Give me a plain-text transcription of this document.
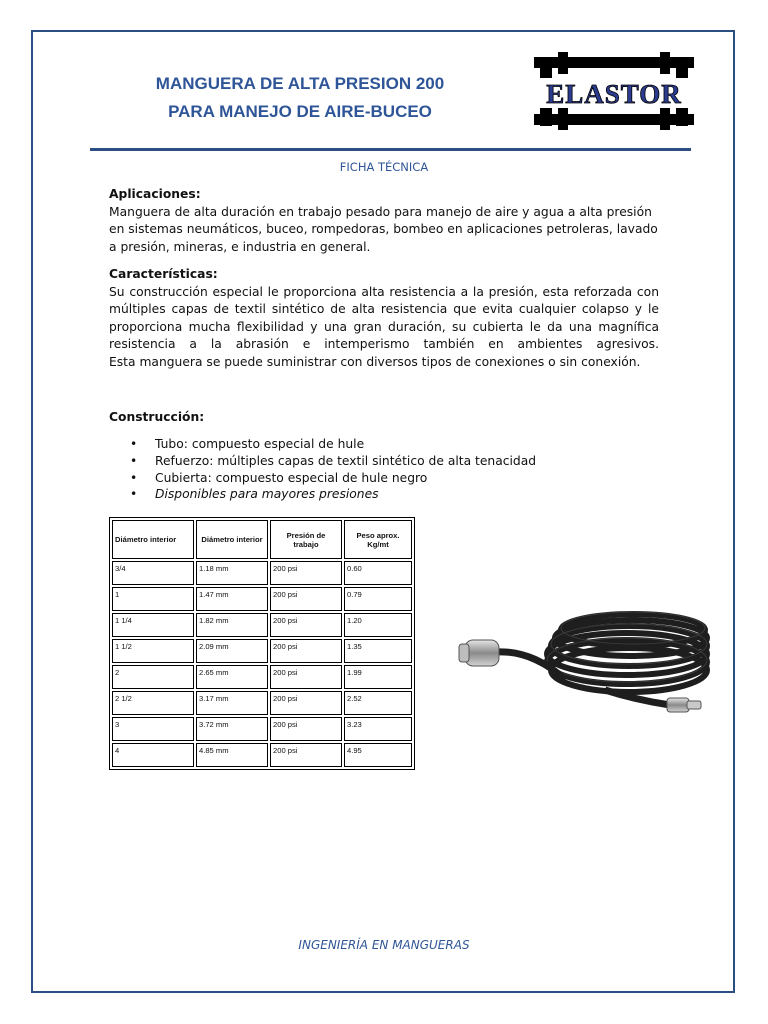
MANGUERA DE ALTA PRESION 200
PARA MANEJO DE AIRE-BUCEO
ELASTOR
FICHA TÉCNICA
Aplicaciones:

Manguera de alta duración en trabajo pesado para manejo de aire y agua a alta presión en sistemas neumáticos, buceo, rompedoras, bombeo en aplicaciones petroleras, lavado a presión, mineras, e industria en general.

Características:

Su construcción especial le proporciona alta resistencia a la presión, esta reforzada con múltiples capas de textil sintético de alta resistencia que evita cualquier colapso y le proporciona mucha flexibilidad y una gran duración, su cubierta le da una magnífica resistencia a la abrasión e intemperismo también en ambientes agresivos.

Esta manguera se puede suministrar con diversos tipos de conexiones o sin conexión.

Construcción:
• Tubo: compuesto especial de hule
• Refuerzo: múltiples capas de textil sintético de alta tenacidad
• Cubierta: compuesto especial de hule negro
• Disponibles para mayores presiones
Diámetro interior	Diámetro interior	Presión de trabajo	Peso aprox. Kg/mt
3/4	1.18 mm	200 psi	0.60
1	1.47 mm	200 psi	0.79
1 1/4	1.82 mm	200 psi	1.20
1 1/2	2.09 mm	200 psi	1.35
2	2.65 mm	200 psi	1.99
2 1/2	3.17 mm	200 psi	2.52
3	3.72 mm	200 psi	3.23
4	4.85 mm	200 psi	4.95
INGENIERÍA EN MANGUERAS
